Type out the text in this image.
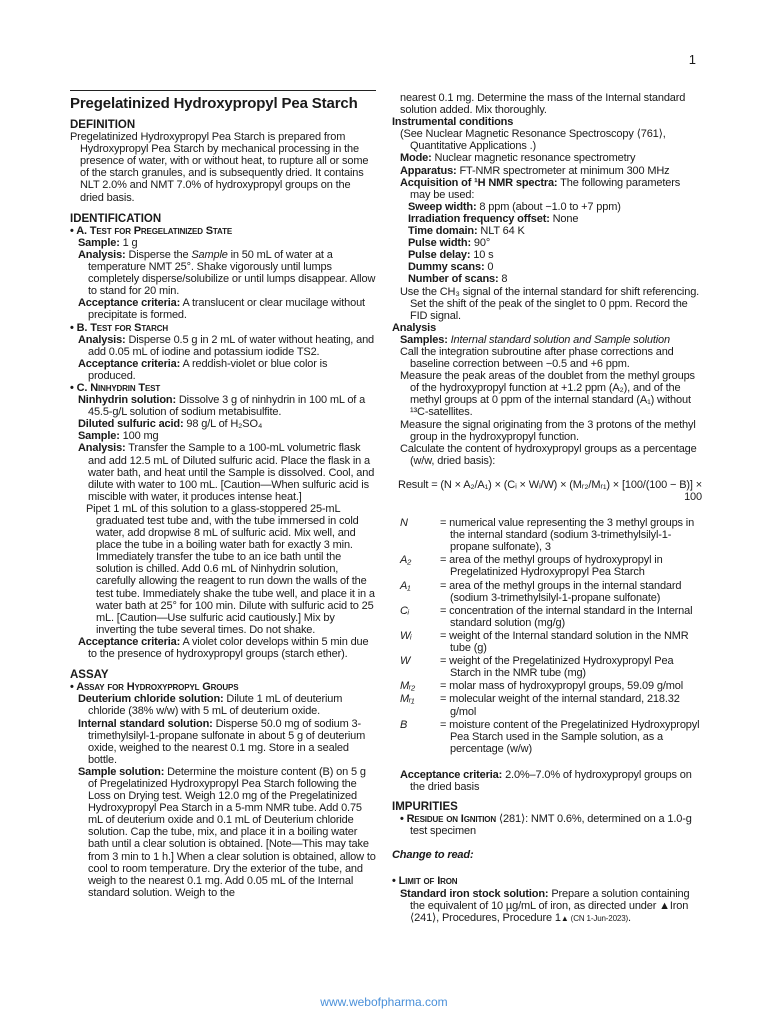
1
Pregelatinized Hydroxypropyl Pea Starch
DEFINITION

Pregelatinized Hydroxypropyl Pea Starch is prepared from Hydroxypropyl Pea Starch by mechanical processing in the presence of water, with or without heat, to rupture all or some of the starch granules, and is subsequently dried. It contains NLT 2.0% and NMT 7.0% of hydroxypropyl groups on the dried basis.

IDENTIFICATION
• A. Test for Pregelatinized State

Sample: 1 g

Analysis: Disperse the Sample in 50 mL of water at a temperature NMT 25°. Shake vigorously until lumps completely disperse/solubilize or until lumps disappear. Allow to stand for 20 min.

Acceptance criteria: A translucent or clear mucilage without precipitate is formed.

• B. Test for Starch

Analysis: Disperse 0.5 g in 2 mL of water without heating, and add 0.05 mL of iodine and potassium iodide TS2.

Acceptance criteria: A reddish-violet or blue color is produced.

• C. Ninhydrin Test

Ninhydrin solution: Dissolve 3 g of ninhydrin in 100 mL of a 45.5-g/L solution of sodium metabisulfite.

Diluted sulfuric acid: 98 g/L of H₂SO₄

Sample: 100 mg

Analysis: Transfer the Sample to a 100-mL volumetric flask and add 12.5 mL of Diluted sulfuric acid. Place the flask in a water bath, and heat until the Sample is dissolved. Cool, and dilute with water to 100 mL. [Caution—When sulfuric acid is miscible with water, it produces intense heat.]

Pipet 1 mL of this solution to a glass-stoppered 25-mL graduated test tube and, with the tube immersed in cold water, add dropwise 8 mL of sulfuric acid. Mix well, and place the tube in a boiling water bath for exactly 3 min. Immediately transfer the tube to an ice bath until the solution is chilled. Add 0.6 mL of Ninhydrin solution, carefully allowing the reagent to run down the walls of the test tube. Immediately shake the tube well, and place it in a water bath at 25° for 100 min. Dilute with sulfuric acid to 25 mL. [Caution—Use sulfuric acid cautiously.] Mix by inverting the tube several times. Do not shake.

Acceptance criteria: A violet color develops within 5 min due to the presence of hydroxypropyl groups (starch ether).

ASSAY
• Assay for Hydroxypropyl Groups

Deuterium chloride solution: Dilute 1 mL of deuterium chloride (38% w/w) with 5 mL of deuterium oxide.

Internal standard solution: Disperse 50.0 mg of sodium 3-trimethylsilyl-1-propane sulfonate in about 5 g of deuterium oxide, weighed to the nearest 0.1 mg. Store in a sealed bottle.

Sample solution: Determine the moisture content (B) on 5 g of Pregelatinized Hydroxypropyl Pea Starch following the Loss on Drying test. Weigh 12.0 mg of the Pregelatinized Hydroxypropyl Pea Starch in a 5-mm NMR tube. Add 0.75 mL of deuterium oxide and 0.1 mL of Deuterium chloride solution. Cap the tube, mix, and place it in a boiling water bath until a clear solution is obtained. [Note—This may take from 3 min to 1 h.] When a clear solution is obtained, allow to cool to room temperature. Dry the exterior of the tube, and weigh to the nearest 0.1 mg. Add 0.05 mL of the Internal standard solution. Weigh to the

nearest 0.1 mg. Determine the mass of the Internal standard solution added. Mix thoroughly.

Instrumental conditions

(See Nuclear Magnetic Resonance Spectroscopy ⟨761⟩, Quantitative Applications .)

Mode: Nuclear magnetic resonance spectrometry

Apparatus: FT-NMR spectrometer at minimum 300 MHz

Acquisition of ¹H NMR spectra: The following parameters may be used:

Sweep width: 8 ppm (about −1.0 to +7 ppm)

Irradiation frequency offset: None

Time domain: NLT 64 K

Pulse width: 90°

Pulse delay: 10 s

Dummy scans: 0

Number of scans: 8

Use the CH₃ signal of the internal standard for shift referencing. Set the shift of the peak of the singlet to 0 ppm. Record the FID signal.

Analysis

Samples: Internal standard solution and Sample solution

Call the integration subroutine after phase corrections and baseline correction between −0.5 and +6 ppm.

Measure the peak areas of the doublet from the methyl groups of the hydroxypropyl function at +1.2 ppm (A₂), and of the methyl groups at 0 ppm of the internal standard (A₁) without ¹³C-satellites.

Measure the signal originating from the 3 protons of the methyl group in the hydroxypropyl function.

Calculate the content of hydroxypropyl groups as a percentage (w/w, dried basis):

Result = (N × A₂/A₁) × (Cᵢ × Wᵢ/W) × (Mᵣ₂/Mᵣ₁) × [100/(100 − B)] × 100

N	= numerical value representing the 3 methyl groups in the internal standard (sodium 3-trimethylsilyl-1-propane sulfonate), 3
A₂	= area of the methyl groups of hydroxypropyl in Pregelatinized Hydroxypropyl Pea Starch
A₁	= area of the methyl groups in the internal standard (sodium 3-trimethylsilyl-1-propane sulfonate)
Cᵢ	= concentration of the internal standard in the Internal standard solution (mg/g)
Wᵢ	= weight of the Internal standard solution in the NMR tube (g)
W	= weight of the Pregelatinized Hydroxypropyl Pea Starch in the NMR tube (mg)
Mᵣ₂	= molar mass of hydroxypropyl groups, 59.09 g/mol
Mᵣ₁	= molecular weight of the internal standard, 218.32 g/mol
B	= moisture content of the Pregelatinized Hydroxypropyl Pea Starch used in the Sample solution, as a percentage (w/w)

Acceptance criteria: 2.0%–7.0% of hydroxypropyl groups on the dried basis

IMPURITIES

• Residue on Ignition ⟨281⟩: NMT 0.6%, determined on a 1.0-g test specimen

Change to read:

• Limit of Iron

Standard iron stock solution: Prepare a solution containing the equivalent of 10 µg/mL of iron, as directed under ▲Iron ⟨241⟩, Procedures, Procedure 1▲ (CN 1-Jun-2023).

www.webofpharma.com
